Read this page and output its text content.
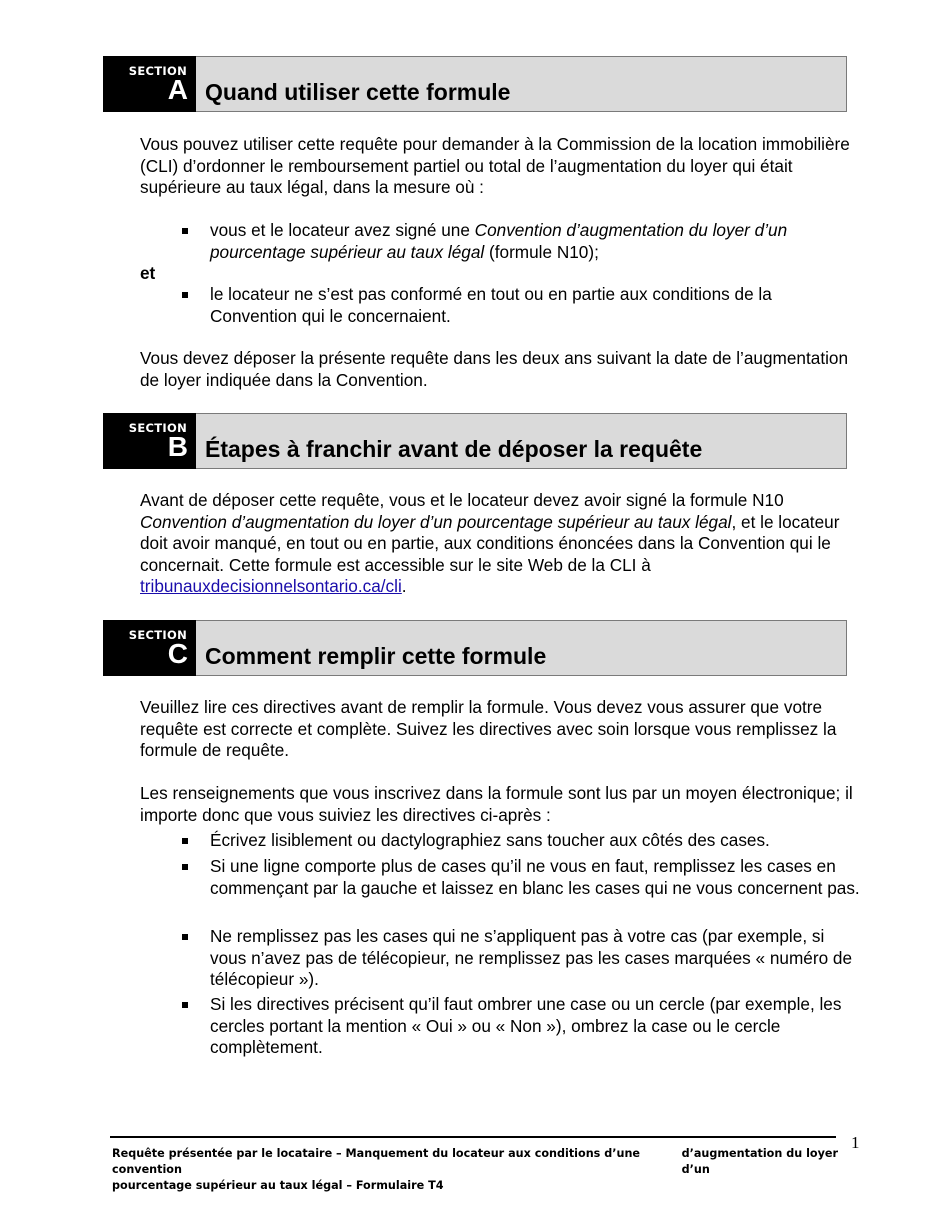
SECTION
A Quand utiliser cette formule

Vous pouvez utiliser cette requête pour demander à la Commission de la location immobilière (CLI) d’ordonner le remboursement partiel ou total de l’augmentation du loyer qui était supérieure au taux légal, dans la mesure où :

vous et le locateur avez signé une Convention d’augmentation du loyer d’un pourcentage supérieur au taux légal (formule N10);
et
le locateur ne s’est pas conformé en tout ou en partie aux conditions de la Convention qui le concernaient.

Vous devez déposer la présente requête dans les deux ans suivant la date de l’augmentation de loyer indiquée dans la Convention.

SECTION
B Étapes à franchir avant de déposer la requête

Avant de déposer cette requête, vous et le locateur devez avoir signé la formule N10 Convention d’augmentation du loyer d’un pourcentage supérieur au taux légal, et le locateur doit avoir manqué, en tout ou en partie, aux conditions énoncées dans la Convention qui le concernait. Cette formule est accessible sur le site Web de la CLI à tribunauxdecisionnelsontario.ca/cli.

SECTION
C Comment remplir cette formule

Veuillez lire ces directives avant de remplir la formule. Vous devez vous assurer que votre requête est correcte et complète. Suivez les directives avec soin lorsque vous remplissez la formule de requête.

Les renseignements que vous inscrivez dans la formule sont lus par un moyen électronique; il importe donc que vous suiviez les directives ci-après :

Écrivez lisiblement ou dactylographiez sans toucher aux côtés des cases.
Si une ligne comporte plus de cases qu’il ne vous en faut, remplissez les cases en commençant par la gauche et laissez en blanc les cases qui ne vous concernent pas.
Ne remplissez pas les cases qui ne s’appliquent pas à votre cas (par exemple, si vous n’avez pas de télécopieur, ne remplissez pas les cases marquées « numéro de télécopieur »).
Si les directives précisent qu’il faut ombrer une case ou un cercle (par exemple, les cercles portant la mention « Oui » ou « Non »), ombrez la case ou le cercle complètement.
1
Requête présentée par le locataire – Manquement du locateur aux conditions d’une convention
d’augmentation du loyer d’un
pourcentage supérieur au taux légal – Formulaire T4
